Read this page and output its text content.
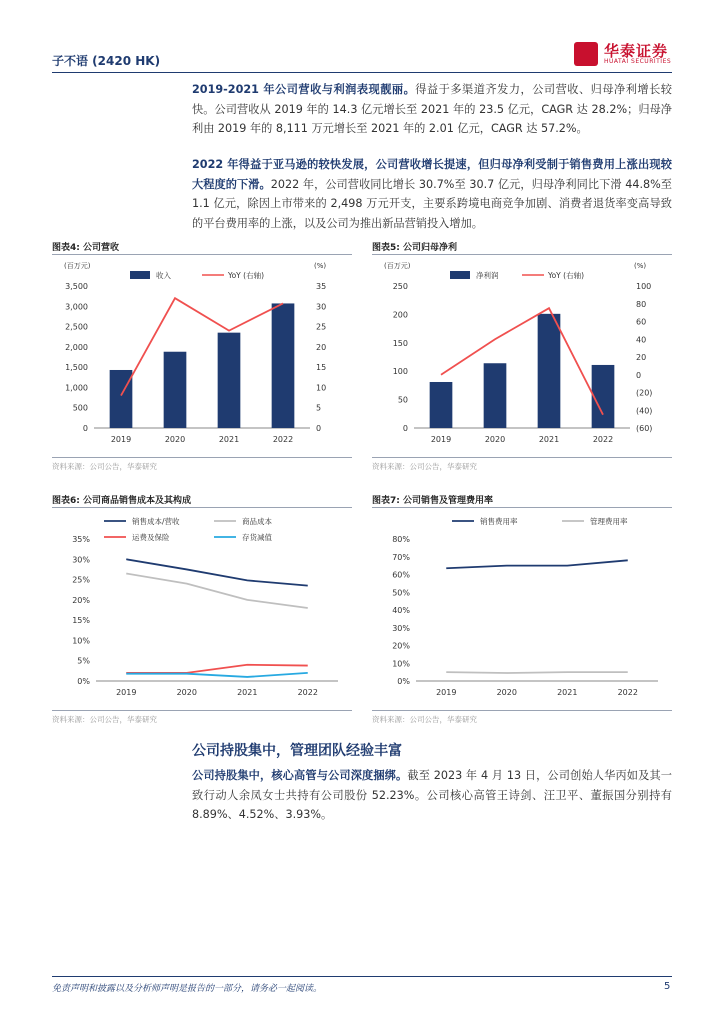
子不语 (2420 HK)
华泰证券
HUATAI SECURITIES
2019-2021 年公司营收与利润表现靓丽。得益于多渠道齐发力，公司营收、归母净利增长较快。公司营收从 2019 年的 14.3 亿元增长至 2021 年的 23.5 亿元，CAGR 达 28.2%；归母净利由 2019 年的 8,111 万元增长至 2021 年的 2.01 亿元，CAGR 达 57.2%。
2022 年得益于亚马逊的较快发展，公司营收增长提速，但归母净利受制于销售费用上涨出现较大程度的下滑。2022 年，公司营收同比增长 30.7%至 30.7 亿元，归母净利同比下滑 44.8%至 1.1 亿元，除因上市带来的 2,498 万元开支，主要系跨境电商竞争加剧、消费者退货率变高导致的平台费用率的上涨，以及公司为推出新品营销投入增加。
图表4: 公司营收
2019	2020	2021	2022
0
500
1,000
1,500
2,000
2,500
3,000
3,500
0
5
10
15
20
25
30
35
(百万元)	(%)
收入	YoY (右轴)
资料来源：公司公告，华泰研究
图表5: 公司归母净利
2019	2020	2021	2022
0
50
100
150
200
250
(60)
(40)
(20)
0
20
40
60
80
100
(百万元)	(%)
净利润	YoY (右轴)
资料来源：公司公告，华泰研究
图表6: 公司商品销售成本及其构成
2019	2020	2021	2022
0%
5%
10%
15%
20%
25%
30%
35%
销售成本/营收	商品成本
运费及保险	存货减值
资料来源：公司公告，华泰研究
图表7: 公司销售及管理费用率
2019	2020	2021	2022
0%
10%
20%
30%
40%
50%
60%
70%
80%
销售费用率	管理费用率
资料来源：公司公告，华泰研究
公司持股集中，管理团队经验丰富
公司持股集中，核心高管与公司深度捆绑。截至 2023 年 4 月 13 日，公司创始人华丙如及其一致行动人余凤女士共持有公司股份 52.23%。公司核心高管王诗剑、汪卫平、董振国分别持有 8.89%、4.52%、3.93%。
免责声明和披露以及分析师声明是报告的一部分，请务必一起阅读。	5
